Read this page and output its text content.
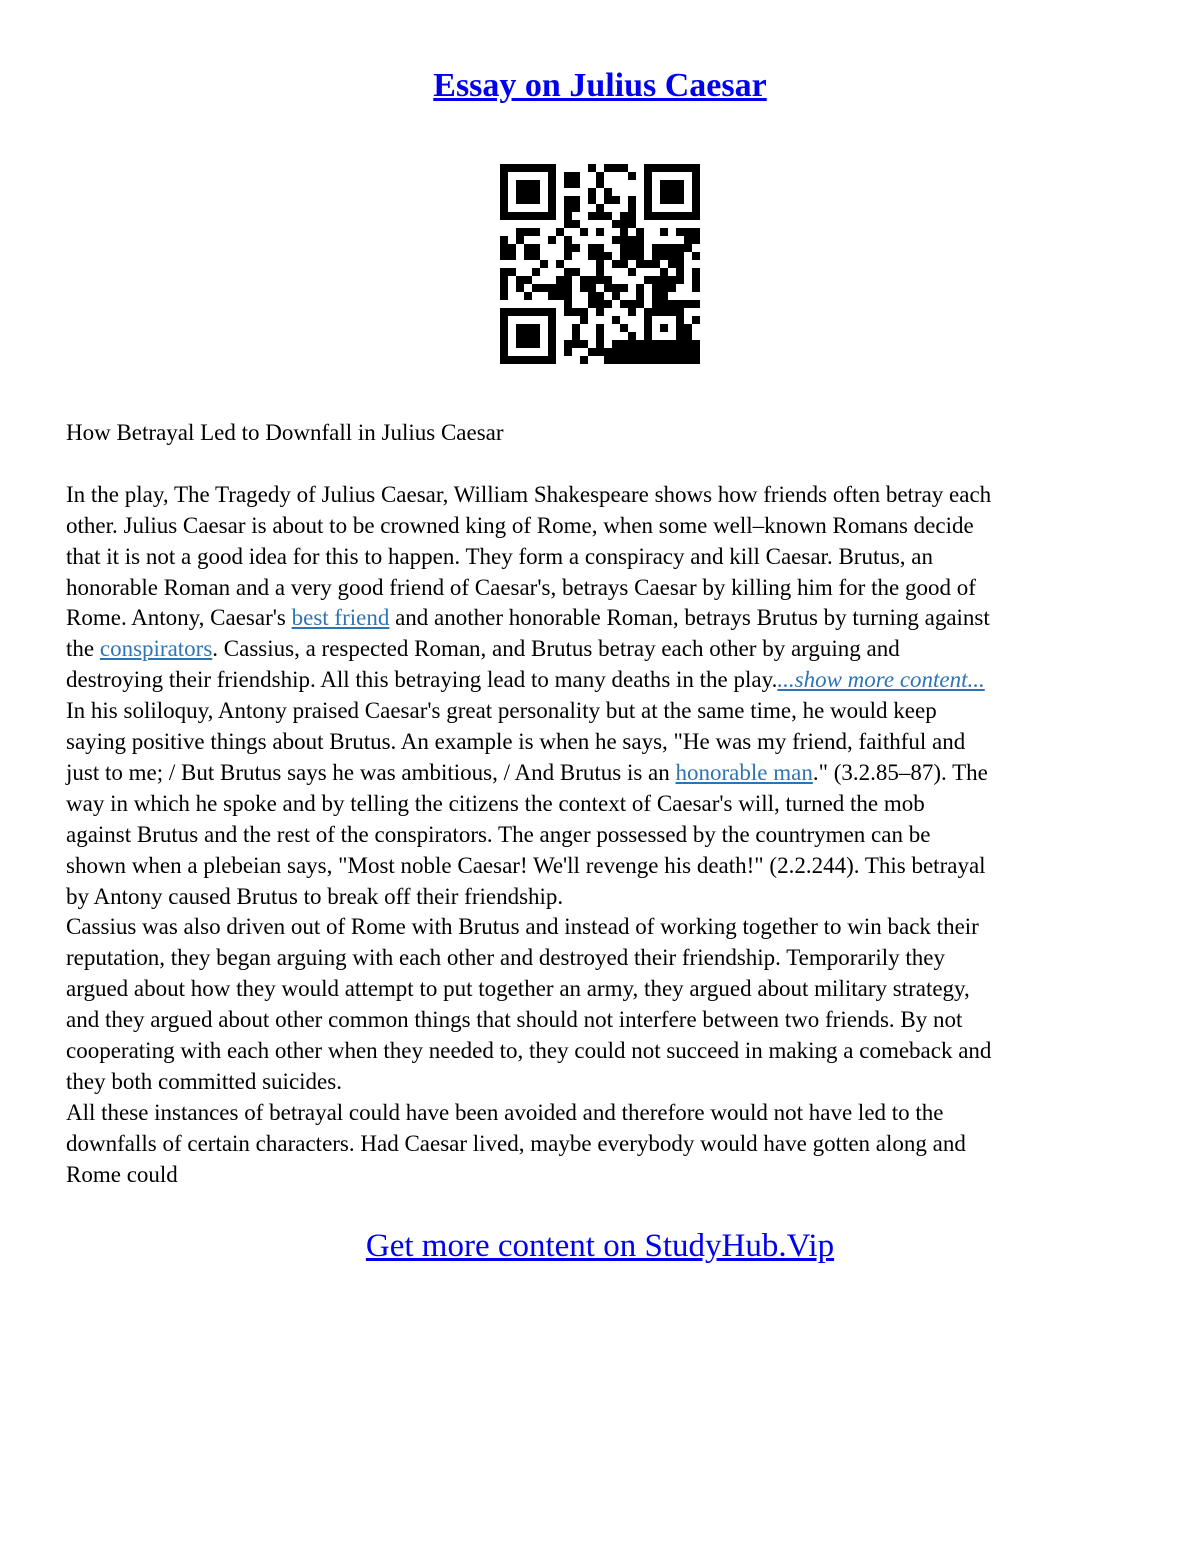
Essay on Julius Caesar

How Betrayal Led to Downfall in Julius Caesar

In the play, The Tragedy of Julius Caesar, William Shakespeare shows how friends often betray each
other. Julius Caesar is about to be crowned king of Rome, when some well–known Romans decide
that it is not a good idea for this to happen. They form a conspiracy and kill Caesar. Brutus, an
honorable Roman and a very good friend of Caesar's, betrays Caesar by killing him for the good of
Rome. Antony, Caesar's best friend and another honorable Roman, betrays Brutus by turning against
the conspirators. Cassius, a respected Roman, and Brutus betray each other by arguing and
destroying their friendship. All this betraying lead to many deaths in the play....show more content...

In his soliloquy, Antony praised Caesar's great personality but at the same time, he would keep
saying positive things about Brutus. An example is when he says, "He was my friend, faithful and
just to me; / But Brutus says he was ambitious, / And Brutus is an honorable man." (3.2.85–87). The
way in which he spoke and by telling the citizens the context of Caesar's will, turned the mob
against Brutus and the rest of the conspirators. The anger possessed by the countrymen can be
shown when a plebeian says, "Most noble Caesar! We'll revenge his death!" (2.2.244). This betrayal
by Antony caused Brutus to break off their friendship.

Cassius was also driven out of Rome with Brutus and instead of working together to win back their
reputation, they began arguing with each other and destroyed their friendship. Temporarily they
argued about how they would attempt to put together an army, they argued about military strategy,
and they argued about other common things that should not interfere between two friends. By not
cooperating with each other when they needed to, they could not succeed in making a comeback and
they both committed suicides.

All these instances of betrayal could have been avoided and therefore would not have led to the
downfalls of certain characters. Had Caesar lived, maybe everybody would have gotten along and
Rome could

Get more content on StudyHub.Vip
